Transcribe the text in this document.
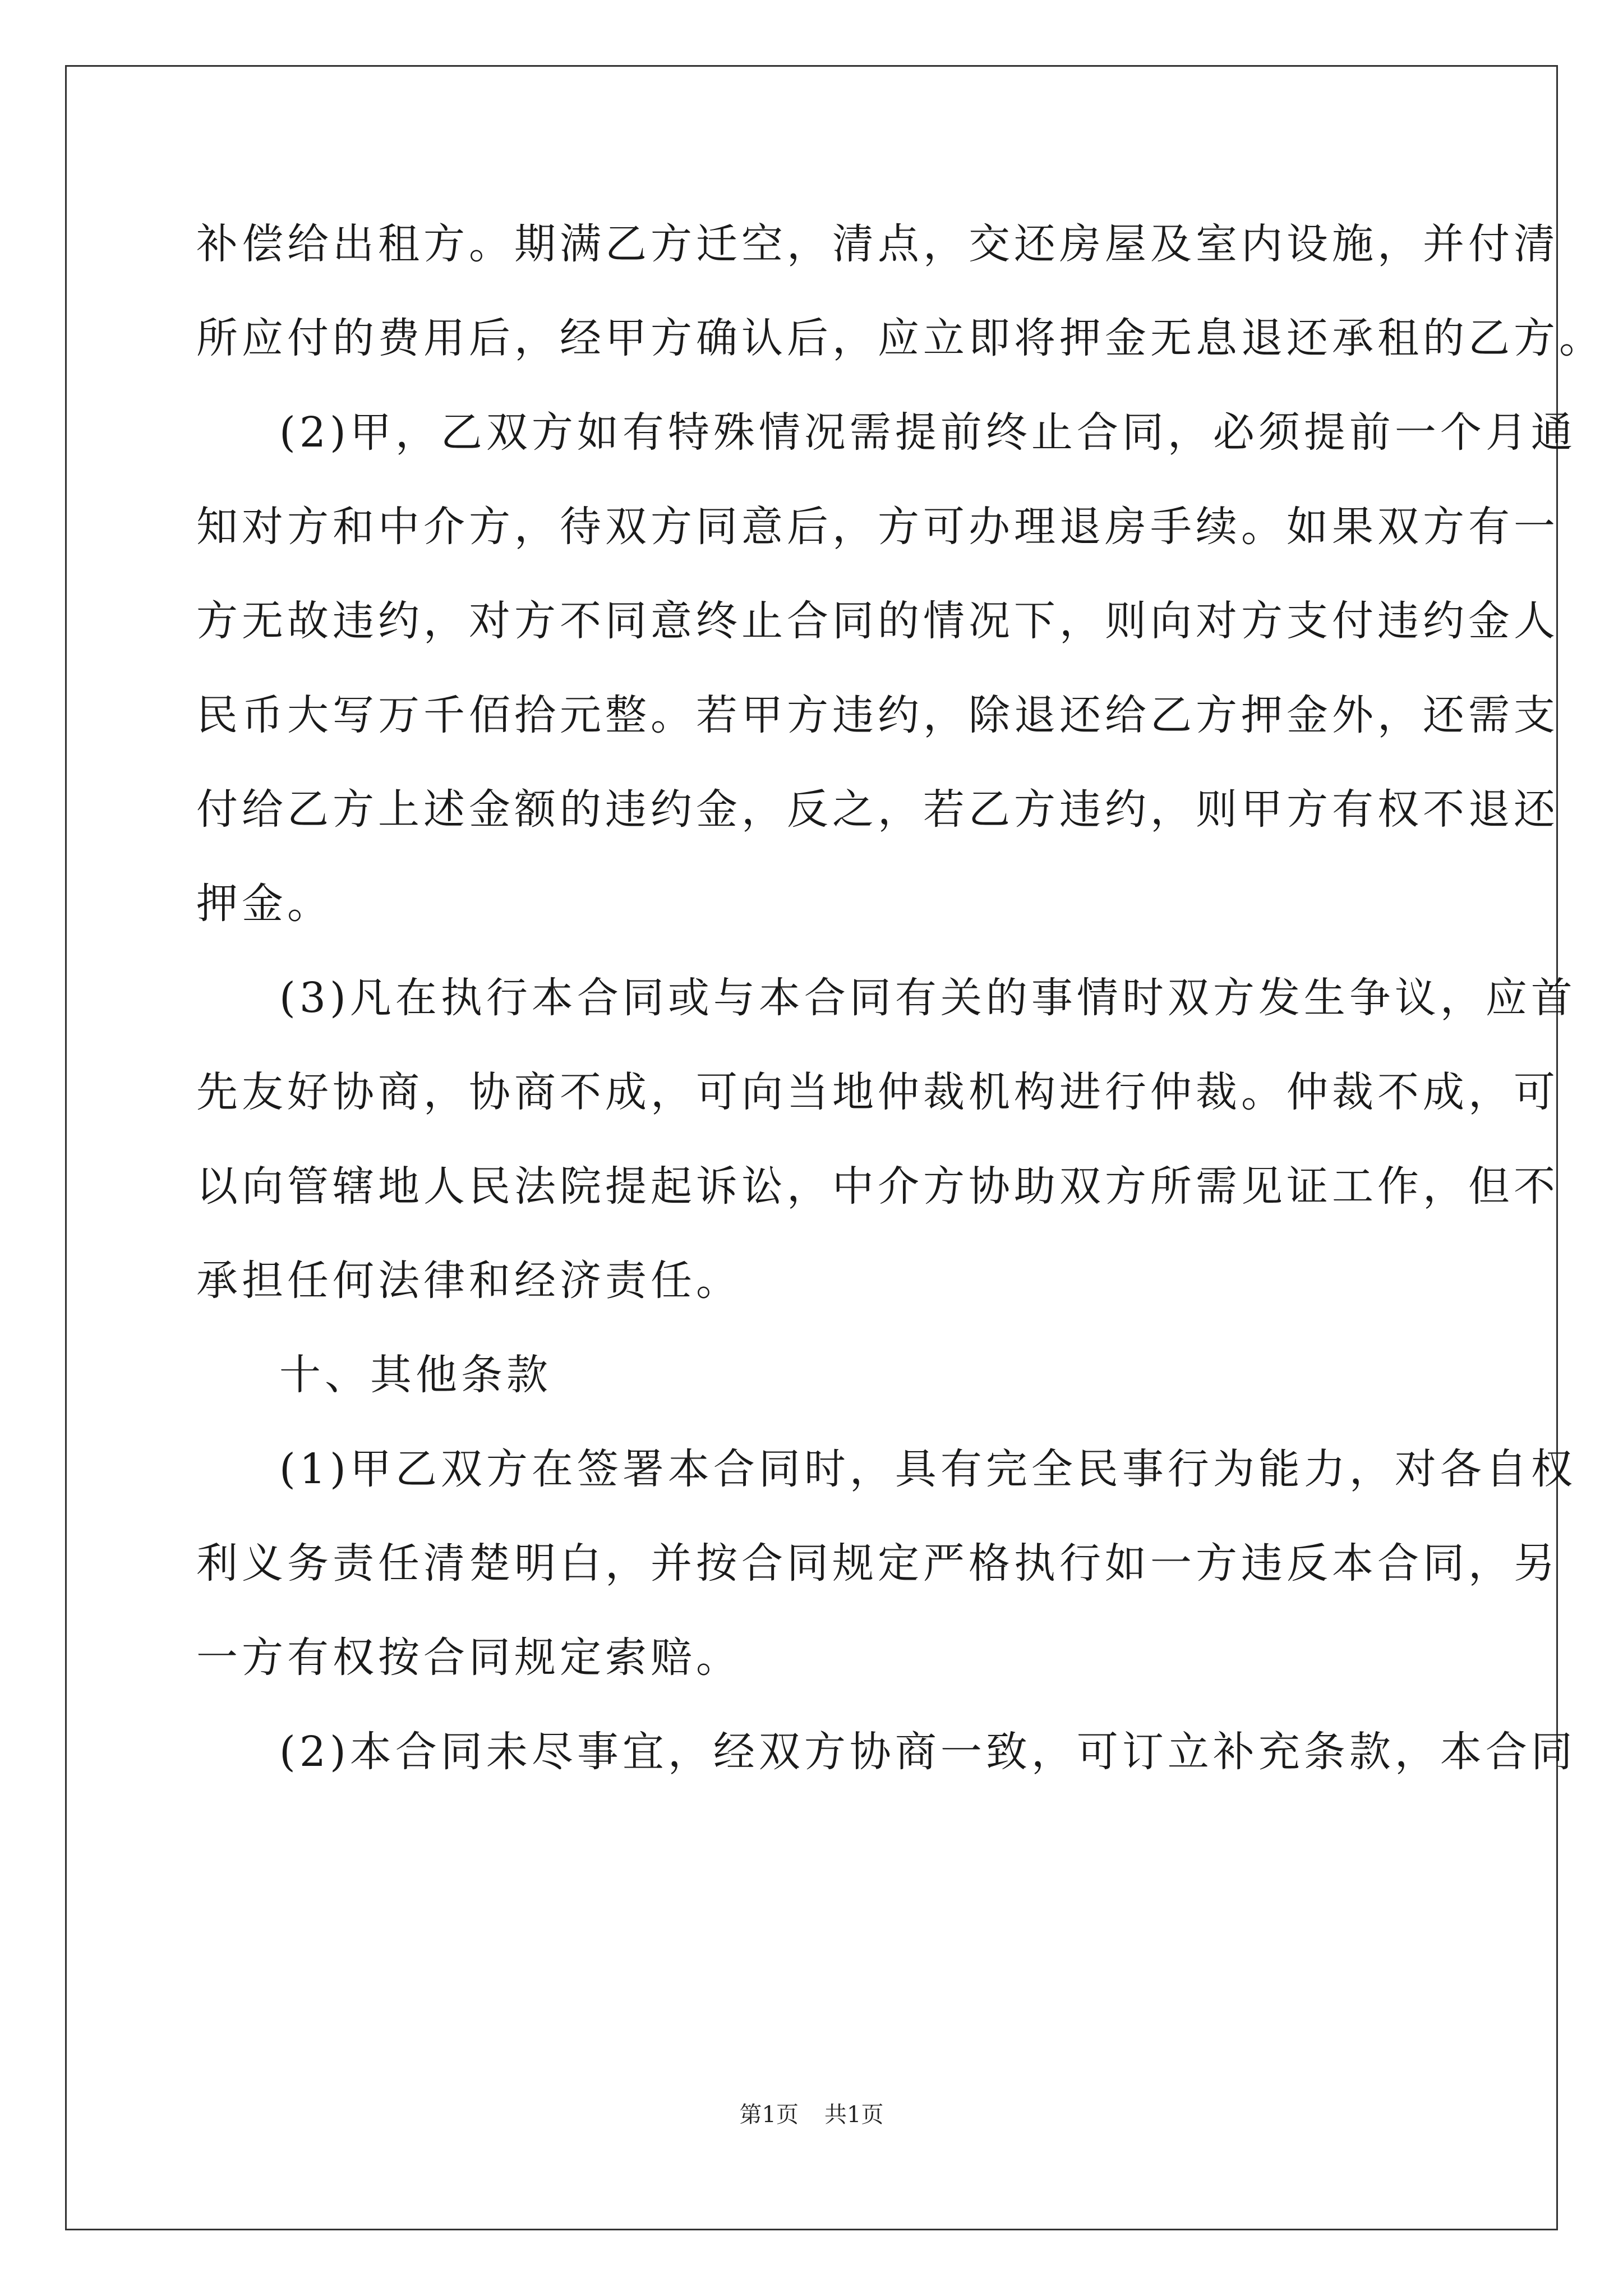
补偿给出租方。期满乙方迁空，清点，交还房屋及室内设施，并付清
所应付的费用后，经甲方确认后，应立即将押金无息退还承租的乙方。
(2)甲，乙双方如有特殊情况需提前终止合同，必须提前一个月通
知对方和中介方，待双方同意后，方可办理退房手续。如果双方有一
方无故违约，对方不同意终止合同的情况下，则向对方支付违约金人
民币大写万千佰拾元整。若甲方违约，除退还给乙方押金外，还需支
付给乙方上述金额的违约金，反之，若乙方违约，则甲方有权不退还
押金。
(3)凡在执行本合同或与本合同有关的事情时双方发生争议，应首
先友好协商，协商不成，可向当地仲裁机构进行仲裁。仲裁不成，可
以向管辖地人民法院提起诉讼，中介方协助双方所需见证工作，但不
承担任何法律和经济责任。
十、其他条款
(1)甲乙双方在签署本合同时，具有完全民事行为能力，对各自权
利义务责任清楚明白，并按合同规定严格执行如一方违反本合同，另
一方有权按合同规定索赔。
(2)本合同未尽事宜，经双方协商一致，可订立补充条款，本合同
第1页 共1页
